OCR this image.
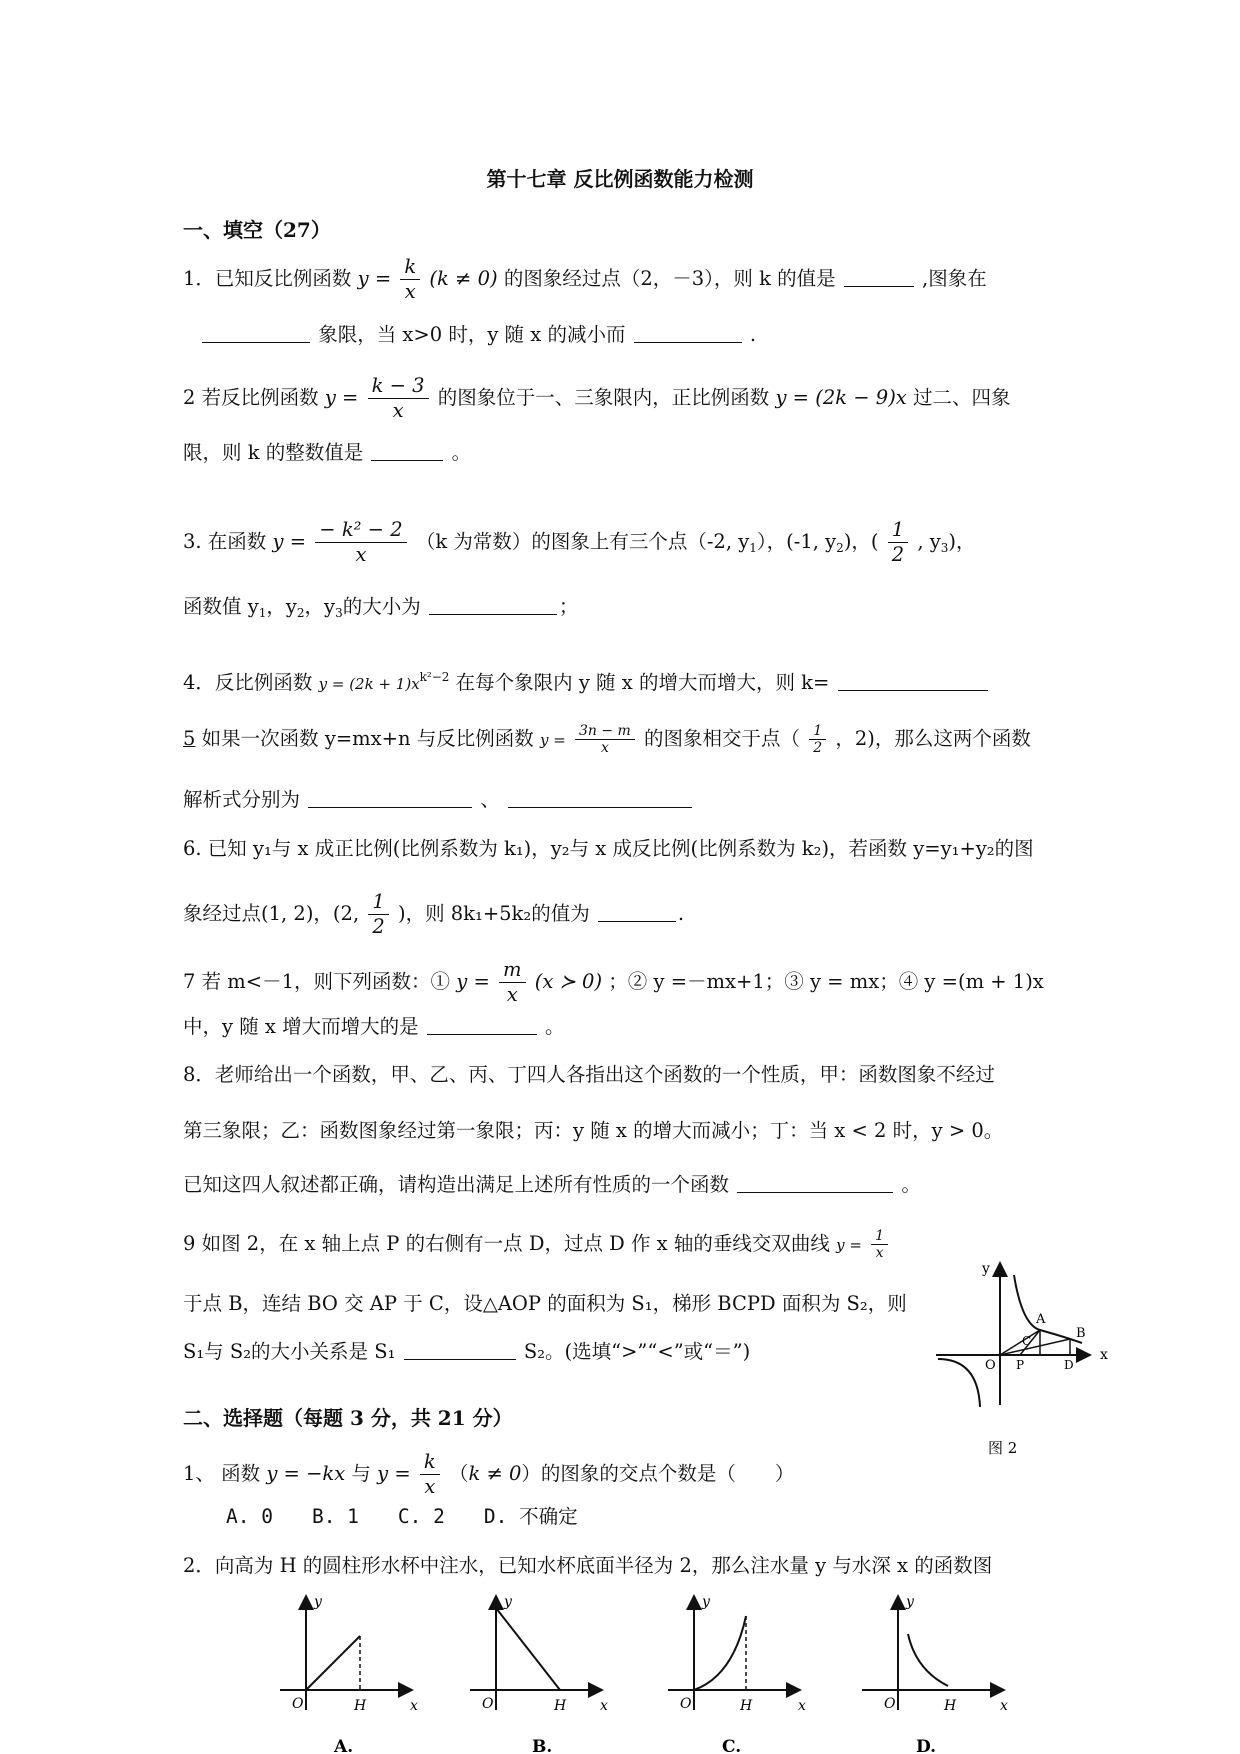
第十七章 反比例函数能力检测
一、填空（27）
1．已知反比例函数 $y = \frac{k}{x} (k \ne 0)$ 的图象经过点（2，－3），则 k 的值是	,图象在
象限，当 x>0 时，y 随 x 的减小而	.
2 若反比例函数 $y = \frac{k - 3}{x}$ 的图象位于一、三象限内，正比例函数 y = (2k − 9)x 过二、四象
限，则 k 的整数值是	。
3. 在函数 $y = \frac{\text{− k² − 2}}{x} (k$ 为常数）的图象上有三个点（-2, $y_1$），(-1, $y_2$)，( $\frac{1}{2}$ , $y_3$)，
函数值 $y_1$，$y_2$，$y_3$的大小为	；
4．反比例函数 $y = (2k + 1)x^{k^2-2}$ 在每个象限内 y 随 x 的增大而增大，则 k=
5 如果一次函数 y=mx+n 与反比例函数 $y = \frac{3n - m}{x}$ 的图象相交于点（ $\frac{1}{2}$ ，2)，那么这两个函数
解析式分别为	、
6. 已知 y₁与 x 成正比例(比例系数为 k₁)，y₂与 x 成反比例(比例系数为 k₂)，若函数 y=y₁+y₂的图
象经过点(1, 2)，(2, $\frac{1}{2}$ )，则 8k₁+5k₂的值为	.
7 若 m<－1，则下列函数：① $y = \frac{m}{x} (x$ ≻ 0) ；② y =－mx+1；③ y = mx；④ y =(m + 1)x
中，y 随 x 增大而增大的是	。
8．老师给出一个函数，甲、乙、丙、丁四人各指出这个函数的一个性质，甲：函数图象不经过
第三象限；乙：函数图象经过第一象限；丙：y 随 x 的增大而减小；丁：当 x < 2 时，y > 0。
已知这四人叙述都正确，请构造出满足上述所有性质的一个函数	。
9 如图 2，在 x 轴上点 P 的右侧有一点 D，过点 D 作 x 轴的垂线交双曲线 $y = \frac{1}{x}$
于点 B，连结 BO 交 AP 于 C，设△AOP 的面积为 S₁，梯形 BCPD 面积为 S₂，则
S₁与 S₂的大小关系是 S₁	S₂。(选填“>”“<”或“＝”)
y
x
O
A
B
C
P	D
图 2
二、选择题（每题 3 分，共 21 分）
1、 函数 y = −kx 与 $y = \frac{k}{x} (k \ne 0)$的图象的交点个数是（　　）
A. 0　　B. 1　　C. 2　　D. 不确定
2．向高为 H 的圆柱形水杯中注水，已知水杯底面半径为 2，那么注水量 y 与水深 x 的函数图
y
x
O	H
A.
y
x
O	H
B.
y
x
O	H
C.
y
x
O	H
D.
